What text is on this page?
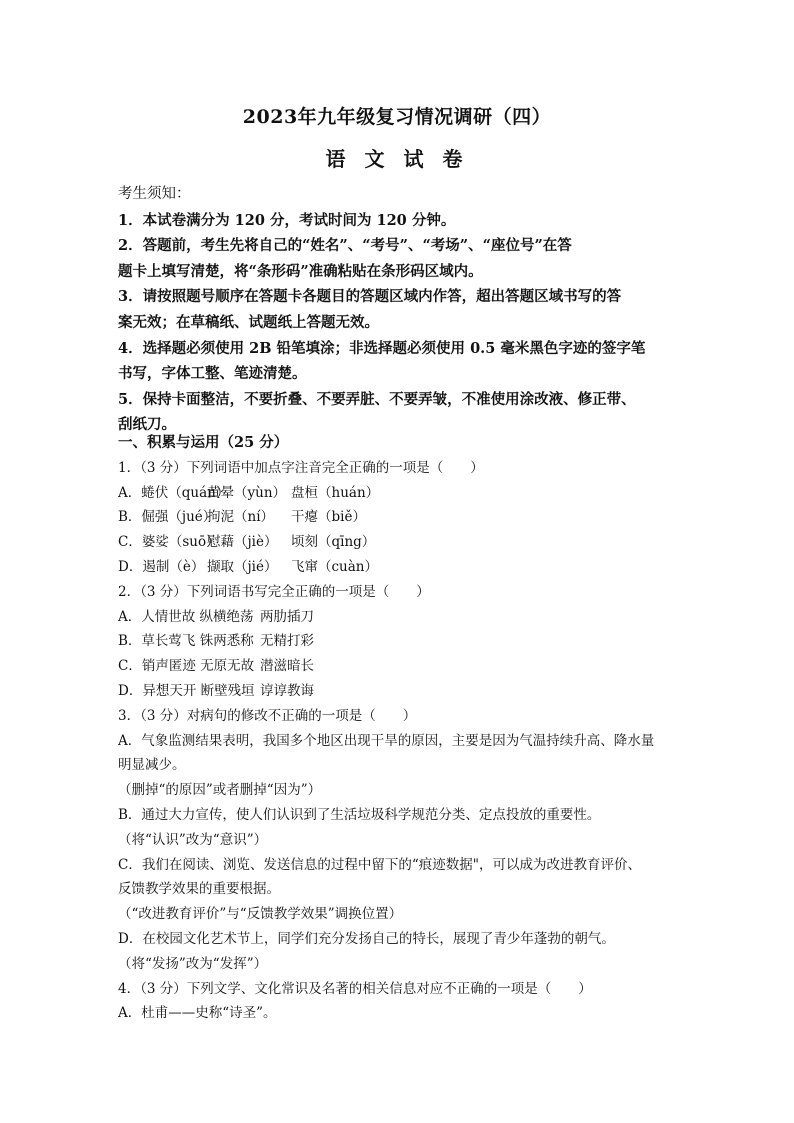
2023年九年级复习情况调研（四）
语 文 试 卷
考生须知：
1．本试卷满分为 120 分，考试时间为 120 分钟。
2．答题前，考生先将自己的“姓名”、“考号”、“考场”、“座位号”在答
题卡上填写清楚，将“条形码”准确粘贴在条形码区域内。
3．请按照题号顺序在答题卡各题目的答题区域内作答，超出答题区域书写的答
案无效；在草稿纸、试题纸上答题无效。
4．选择题必须使用 2B 铅笔填涂；非选择题必须使用 0.5 毫米黑色字迹的签字笔
书写，字体工整、笔迹清楚。
5．保持卡面整洁，不要折叠、不要弄脏、不要弄皱，不准使用涂改液、修正带、
刮纸刀。
一、积累与运用（25 分）
1．（3 分）下列词语中加点字注音完全正确的一项是（　　）
A．蜷伏（quán）黄晕（yùn） 盘桓（huán）
B．倔强（jué）拘泥（ní） 干瘪（biě）
C．婆娑（suō）慰藉（jiè） 顷刻（qīng）
D．遏制（è） 撷取（jié） 飞窜（cuàn）
2．（3 分）下列词语书写完全正确的一项是（　　）
A．人情世故 纵横绝荡 两肋插刀
B．草长莺飞 铢两悉称 无精打彩
C．销声匿迹 无原无故 潜滋暗长
D．异想天开 断壁残垣 谆谆教诲
3．（3 分）对病句的修改不正确的一项是（　　）
A．气象监测结果表明，我国多个地区出现干旱的原因，主要是因为气温持续升高、降水量
明显减少。
（删掉“的原因”或者删掉“因为”）
B．通过大力宣传，使人们认识到了生活垃圾科学规范分类、定点投放的重要性。
（将“认识”改为“意识”）
C．我们在阅读、浏览、发送信息的过程中留下的“痕迹数据"，可以成为改进教育评价、
反馈教学效果的重要根据。
（“改进教育评价”与“反馈教学效果”调换位置）
D．在校园文化艺术节上，同学们充分发扬自己的特长，展现了青少年蓬勃的朝气。
（将“发扬”改为“发挥”）
4．（3 分）下列文学、文化常识及名著的相关信息对应不正确的一项是（　　）
A．杜甫——史称“诗圣”。
